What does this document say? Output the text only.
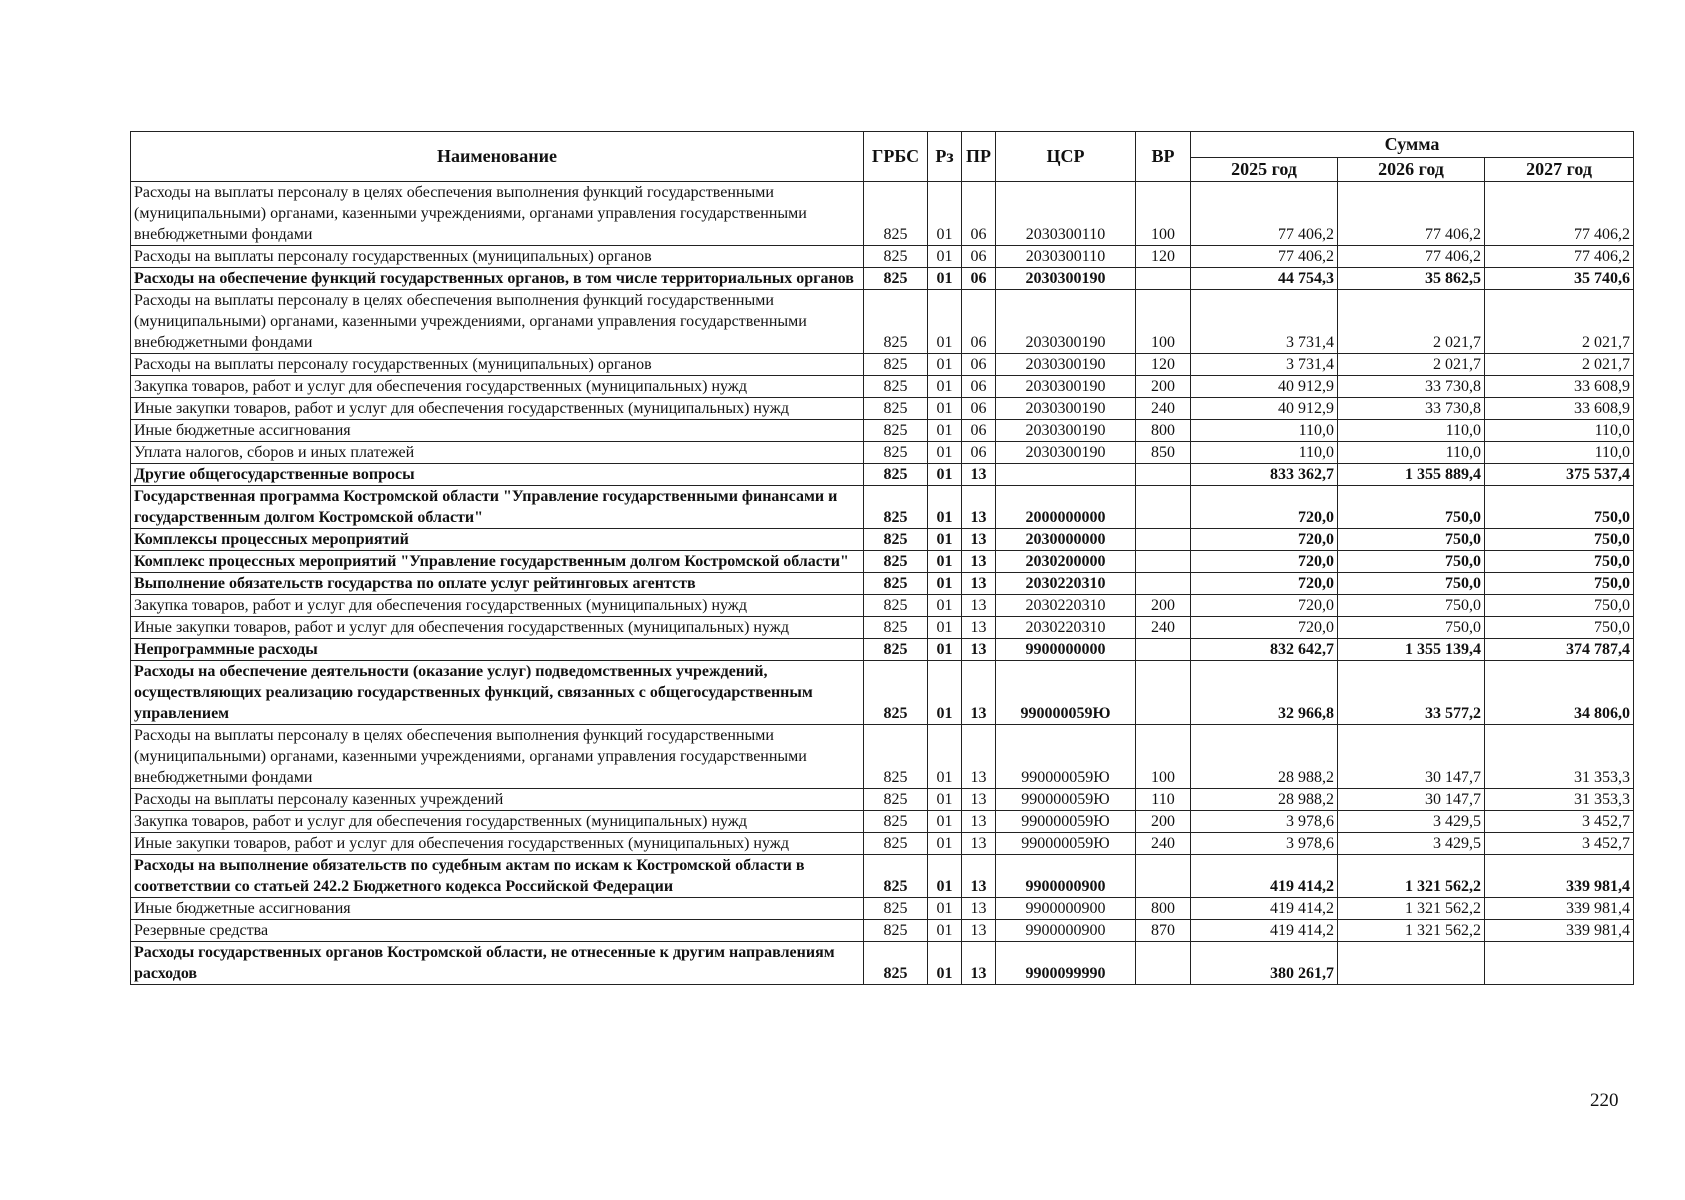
Наименование	ГРБС	Рз	ПР	ЦСР	ВР	Сумма		
						2025 год	2026 год	2027 год
Расходы на выплаты персоналу в целях обеспечения выполнения функций государственными (муниципальными) органами, казенными учреждениями, органами управления государственными внебюджетными фондами	825	01	06	2030300110	100	77 406,2	77 406,2	77 406,2
Расходы на выплаты персоналу государственных (муниципальных) органов	825	01	06	2030300110	120	77 406,2	77 406,2	77 406,2
Расходы на обеспечение функций государственных органов, в том числе территориальных органов	825	01	06	2030300190		44 754,3	35 862,5	35 740,6
Расходы на выплаты персоналу в целях обеспечения выполнения функций государственными (муниципальными) органами, казенными учреждениями, органами управления государственными внебюджетными фондами	825	01	06	2030300190	100	3 731,4	2 021,7	2 021,7
Расходы на выплаты персоналу государственных (муниципальных) органов	825	01	06	2030300190	120	3 731,4	2 021,7	2 021,7
Закупка товаров, работ и услуг для обеспечения государственных (муниципальных) нужд	825	01	06	2030300190	200	40 912,9	33 730,8	33 608,9
Иные закупки товаров, работ и услуг для обеспечения государственных (муниципальных) нужд	825	01	06	2030300190	240	40 912,9	33 730,8	33 608,9
Иные бюджетные ассигнования	825	01	06	2030300190	800	110,0	110,0	110,0
Уплата налогов, сборов и иных платежей	825	01	06	2030300190	850	110,0	110,0	110,0
Другие общегосударственные вопросы	825	01	13			833 362,7	1 355 889,4	375 537,4
Государственная программа Костромской области "Управление государственными финансами и государственным долгом Костромской области"	825	01	13	2000000000		720,0	750,0	750,0
Комплексы процессных мероприятий	825	01	13	2030000000		720,0	750,0	750,0
Комплекс процессных мероприятий "Управление государственным долгом Костромской области"	825	01	13	2030200000		720,0	750,0	750,0
Выполнение обязательств государства по оплате услуг рейтинговых агентств	825	01	13	2030220310		720,0	750,0	750,0
Закупка товаров, работ и услуг для обеспечения государственных (муниципальных) нужд	825	01	13	2030220310	200	720,0	750,0	750,0
Иные закупки товаров, работ и услуг для обеспечения государственных (муниципальных) нужд	825	01	13	2030220310	240	720,0	750,0	750,0
Непрограммные расходы	825	01	13	9900000000		832 642,7	1 355 139,4	374 787,4
Расходы на обеспечение деятельности (оказание услуг) подведомственных учреждений, осуществляющих реализацию государственных функций, связанных с общегосударственным управлением	825	01	13	990000059Ю		32 966,8	33 577,2	34 806,0
Расходы на выплаты персоналу в целях обеспечения выполнения функций государственными (муниципальными) органами, казенными учреждениями, органами управления государственными внебюджетными фондами	825	01	13	990000059Ю	100	28 988,2	30 147,7	31 353,3
Расходы на выплаты персоналу казенных учреждений	825	01	13	990000059Ю	110	28 988,2	30 147,7	31 353,3
Закупка товаров, работ и услуг для обеспечения государственных (муниципальных) нужд	825	01	13	990000059Ю	200	3 978,6	3 429,5	3 452,7
Иные закупки товаров, работ и услуг для обеспечения государственных (муниципальных) нужд	825	01	13	990000059Ю	240	3 978,6	3 429,5	3 452,7
Расходы на выполнение обязательств по судебным актам по искам к Костромской области в соответствии со статьей 242.2 Бюджетного кодекса Российской Федерации	825	01	13	9900000900		419 414,2	1 321 562,2	339 981,4
Иные бюджетные ассигнования	825	01	13	9900000900	800	419 414,2	1 321 562,2	339 981,4
Резервные средства	825	01	13	9900000900	870	419 414,2	1 321 562,2	339 981,4
Расходы государственных органов Костромской области, не отнесенные к другим направлениям расходов	825	01	13	9900099990		380 261,7		
220
